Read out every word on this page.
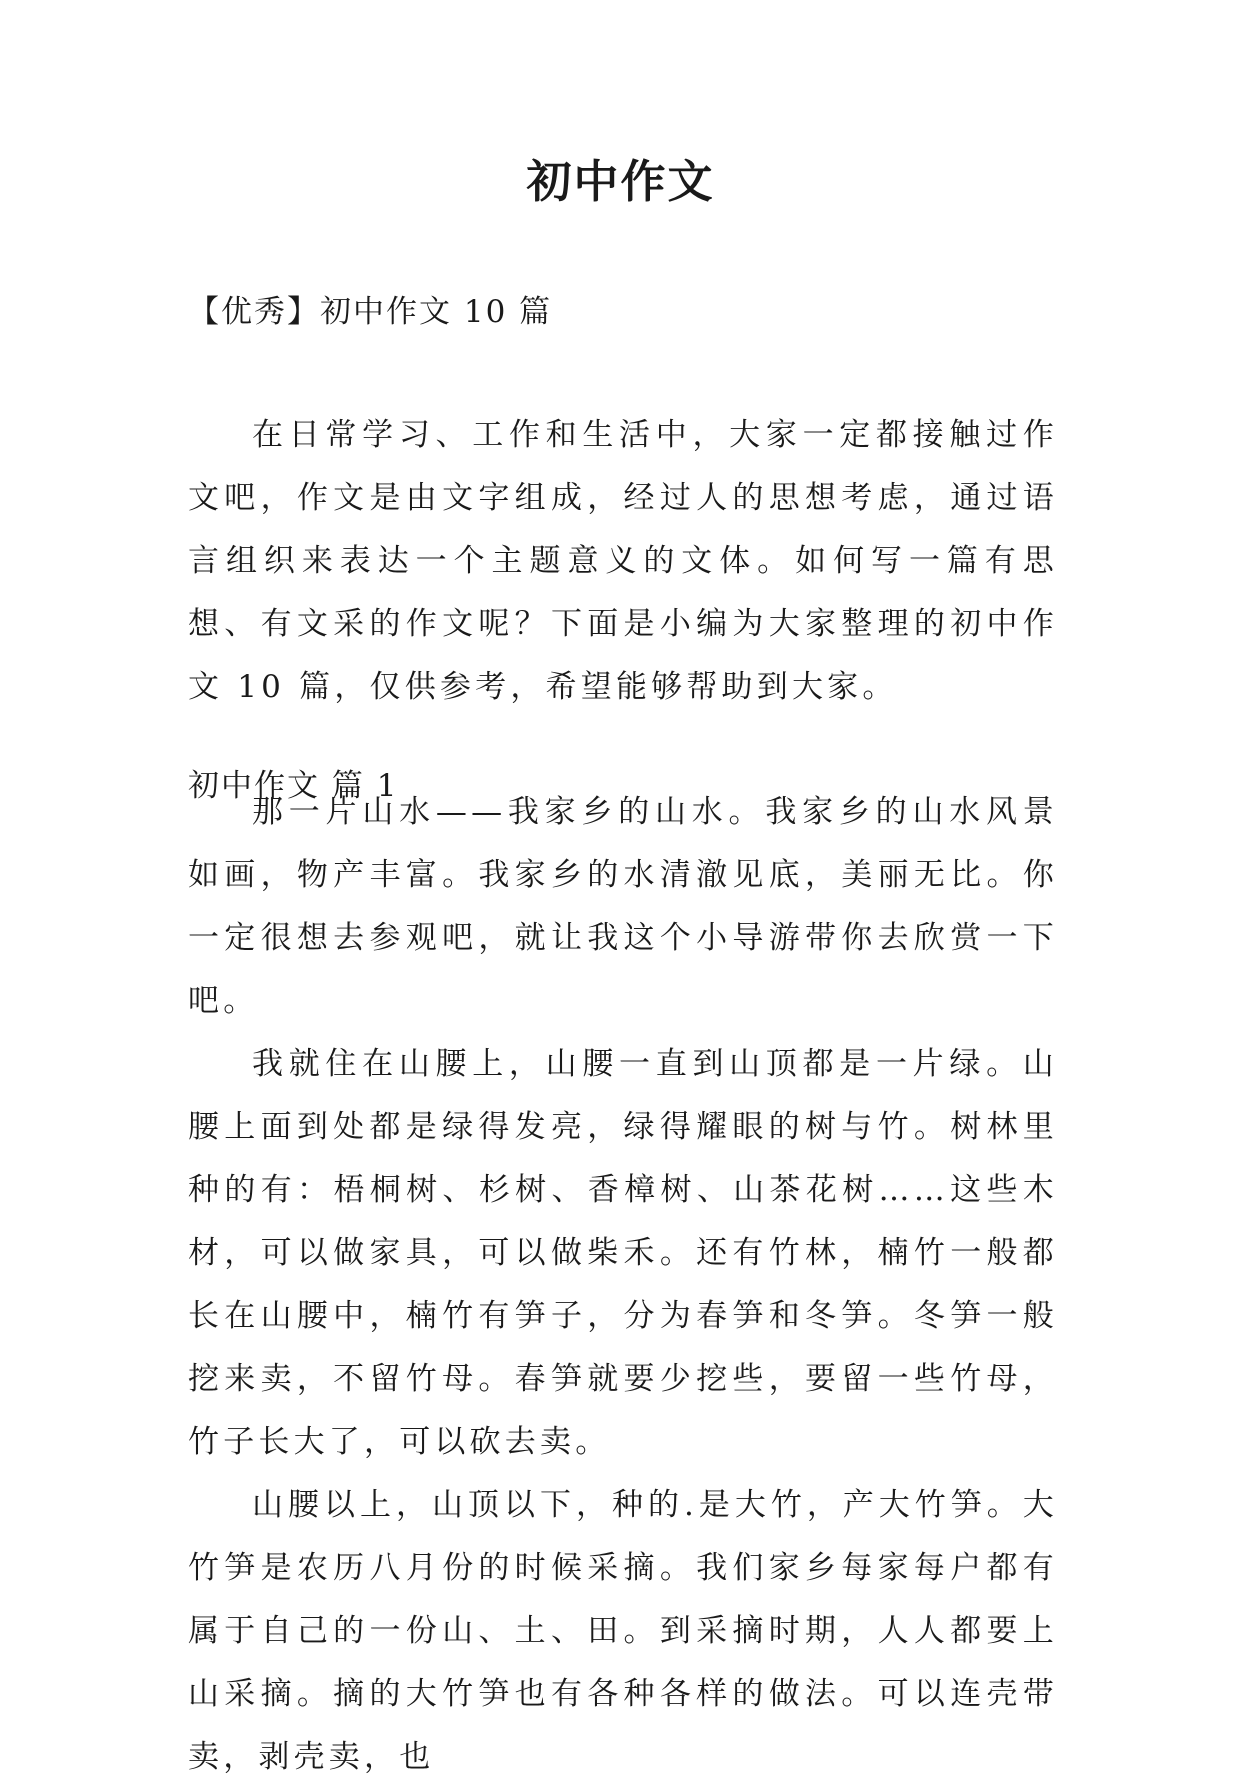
初中作文
【优秀】初中作文 10 篇

在日常学习、工作和生活中，大家一定都接触过作文吧，作文是由文字组成，经过人的思想考虑，通过语言组织来表达一个主题意义的文体。如何写一篇有思想、有文采的作文呢？下面是小编为大家整理的初中作文 10 篇，仅供参考，希望能够帮助到大家。

初中作文 篇 1

那一片山水——我家乡的山水。我家乡的山水风景如画，物产丰富。我家乡的水清澈见底，美丽无比。你一定很想去参观吧，就让我这个小导游带你去欣赏一下吧。

我就住在山腰上，山腰一直到山顶都是一片绿。山腰上面到处都是绿得发亮，绿得耀眼的树与竹。树林里种的有：梧桐树、杉树、香樟树、山茶花树……这些木材，可以做家具，可以做柴禾。还有竹林，楠竹一般都长在山腰中，楠竹有笋子，分为春笋和冬笋。冬笋一般挖来卖，不留竹母。春笋就要少挖些，要留一些竹母，竹子长大了，可以砍去卖。

山腰以上，山顶以下，种的.是大竹，产大竹笋。大竹笋是农历八月份的时候采摘。我们家乡每家每户都有属于自己的一份山、土、田。到采摘时期，人人都要上山采摘。摘的大竹笋也有各种各样的做法。可以连壳带卖，剥壳卖，也
